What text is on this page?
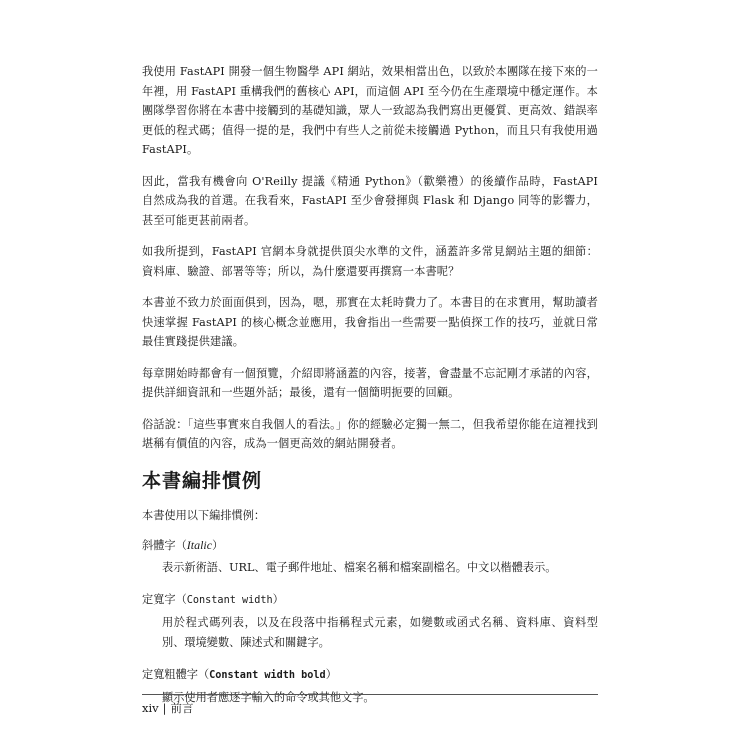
我使用 FastAPI 開發一個生物醫學 API 網站，效果相當出色，以致於本團隊在接下來的一年裡，用 FastAPI 重構我們的舊核心 API，而這個 API 至今仍在生產環境中穩定運作。本團隊學習你將在本書中接觸到的基礎知識，眾人一致認為我們寫出更優質、更高效、錯誤率更低的程式碼；值得一提的是，我們中有些人之前從未接觸過 Python，而且只有我使用過 FastAPI。

因此，當我有機會向 O'Reilly 提議《精通 Python》（歡樂禮）的後續作品時，FastAPI 自然成為我的首選。在我看來，FastAPI 至少會發揮與 Flask 和 Django 同等的影響力，甚至可能更甚前兩者。

如我所提到，FastAPI 官網本身就提供頂尖水準的文件，涵蓋許多常見網站主題的細節：資料庫、驗證、部署等等；所以，為什麼還要再撰寫一本書呢？

本書並不致力於面面俱到，因為，嗯，那實在太耗時費力了。本書目的在求實用，幫助讀者快速掌握 FastAPI 的核心概念並應用，我會指出一些需要一點偵探工作的技巧，並就日常最佳實踐提供建議。

每章開始時都會有一個預覽，介紹即將涵蓋的內容，接著，會盡量不忘記剛才承諾的內容，提供詳細資訊和一些題外話；最後，還有一個簡明扼要的回顧。

俗話說：「這些事實來自我個人的看法。」你的經驗必定獨一無二，但我希望你能在這裡找到堪稱有價值的內容，成為一個更高效的網站開發者。

本書編排慣例

本書使用以下編排慣例：

斜體字（Italic）

表示新術語、URL、電子郵件地址、檔案名稱和檔案副檔名。中文以楷體表示。

定寬字（Constant width）

用於程式碼列表，以及在段落中指稱程式元素，如變數或函式名稱、資料庫、資料型別、環境變數、陳述式和關鍵字。

定寬粗體字（Constant width bold）

顯示使用者應逐字輸入的命令或其他文字。

xiv | 前言
